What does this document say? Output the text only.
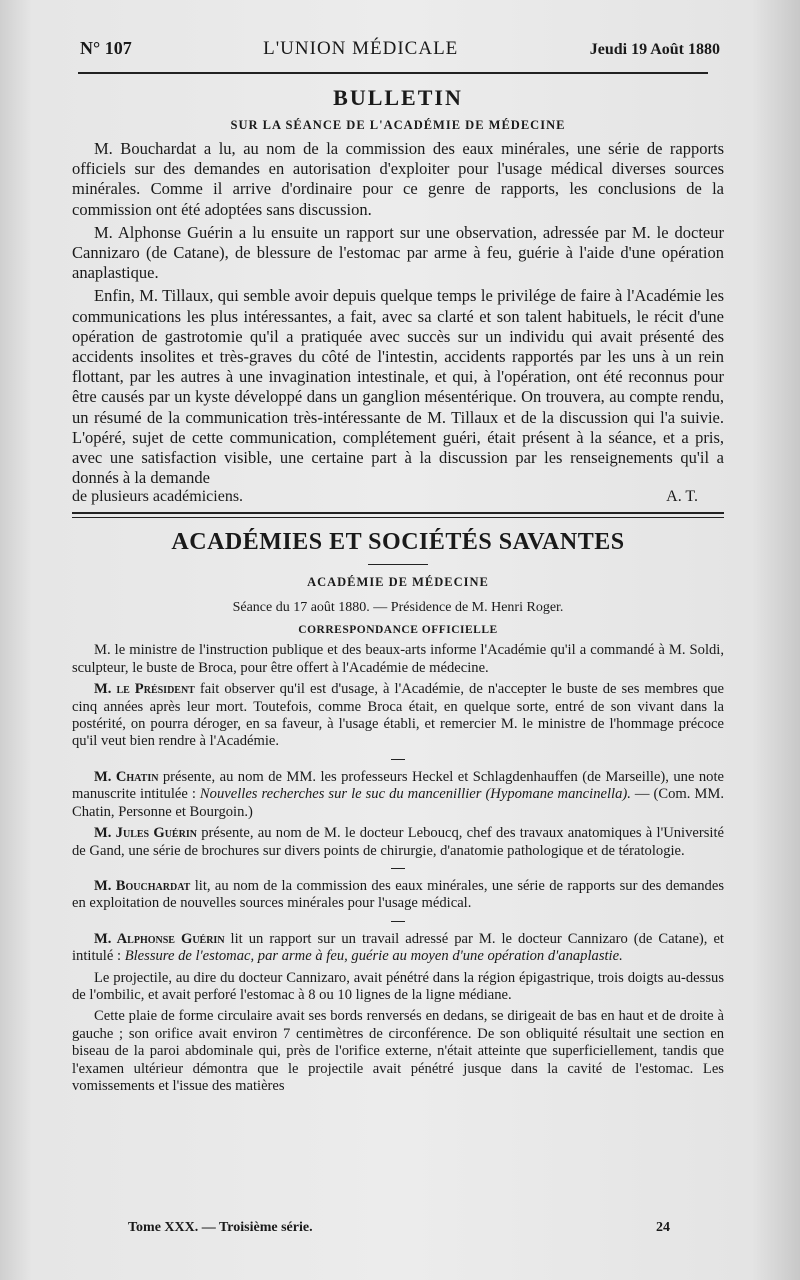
N° 107	L'UNION MÉDICALE	Jeudi 19 Août 1880
BULLETIN
SUR LA SÉANCE DE L'ACADÉMIE DE MÉDECINE

M. Bouchardat a lu, au nom de la commission des eaux minérales, une série de rapports officiels sur des demandes en autorisation d'exploiter pour l'usage médical diverses sources minérales. Comme il arrive d'ordinaire pour ce genre de rapports, les conclusions de la commission ont été adoptées sans discussion.

M. Alphonse Guérin a lu ensuite un rapport sur une observation, adressée par M. le docteur Cannizaro (de Catane), de blessure de l'estomac par arme à feu, guérie à l'aide d'une opération anaplastique.

Enfin, M. Tillaux, qui semble avoir depuis quelque temps le privilége de faire à l'Académie les communications les plus intéressantes, a fait, avec sa clarté et son talent habituels, le récit d'une opération de gastrotomie qu'il a pratiquée avec succès sur un individu qui avait présenté des accidents insolites et très-graves du côté de l'intestin, accidents rapportés par les uns à un rein flottant, par les autres à une invagination intestinale, et qui, à l'opération, ont été reconnus pour être causés par un kyste développé dans un ganglion mésentérique. On trouvera, au compte rendu, un résumé de la communication très-intéressante de M. Tillaux et de la discussion qui l'a suivie. L'opéré, sujet de cette communication, complétement guéri, était présent à la séance, et a pris, avec une satisfaction visible, une certaine part à la discussion par les renseignements qu'il a donnés à la demande

de plusieurs académiciens.	A. T.
ACADÉMIES ET SOCIÉTÉS SAVANTES
ACADÉMIE DE MÉDECINE
Séance du 17 août 1880. — Présidence de M. Henri Roger.
CORRESPONDANCE OFFICIELLE

M. le ministre de l'instruction publique et des beaux-arts informe l'Académie qu'il a commandé à M. Soldi, sculpteur, le buste de Broca, pour être offert à l'Académie de médecine.

M. le Président fait observer qu'il est d'usage, à l'Académie, de n'accepter le buste de ses membres que cinq années après leur mort. Toutefois, comme Broca était, en quelque sorte, entré de son vivant dans la postérité, on pourra déroger, en sa faveur, à l'usage établi, et remercier M. le ministre de l'hommage précoce qu'il veut bien rendre à l'Académie.

M. Chatin présente, au nom de MM. les professeurs Heckel et Schlagdenhauffen (de Marseille), une note manuscrite intitulée : Nouvelles recherches sur le suc du mancenillier (Hypomane mancinella). — (Com. MM. Chatin, Personne et Bourgoin.)

M. Jules Guérin présente, au nom de M. le docteur Leboucq, chef des travaux anatomiques à l'Université de Gand, une série de brochures sur divers points de chirurgie, d'anatomie pathologique et de tératologie.

M. Bouchardat lit, au nom de la commission des eaux minérales, une série de rapports sur des demandes en exploitation de nouvelles sources minérales pour l'usage médical.

M. Alphonse Guérin lit un rapport sur un travail adressé par M. le docteur Cannizaro (de Catane), et intitulé : Blessure de l'estomac, par arme à feu, guérie au moyen d'une opération d'anaplastie.

Le projectile, au dire du docteur Cannizaro, avait pénétré dans la région épigastrique, trois doigts au-dessus de l'ombilic, et avait perforé l'estomac à 8 ou 10 lignes de la ligne médiane.

Cette plaie de forme circulaire avait ses bords renversés en dedans, se dirigeait de bas en haut et de droite à gauche ; son orifice avait environ 7 centimètres de circonférence. De son obliquité résultait une section en biseau de la paroi abdominale qui, près de l'orifice externe, n'était atteinte que superficiellement, tandis que l'examen ultérieur démontra que le projectile avait pénétré jusque dans la cavité de l'estomac. Les vomissements et l'issue des matières

Tome XXX. — Troisième série.	24
